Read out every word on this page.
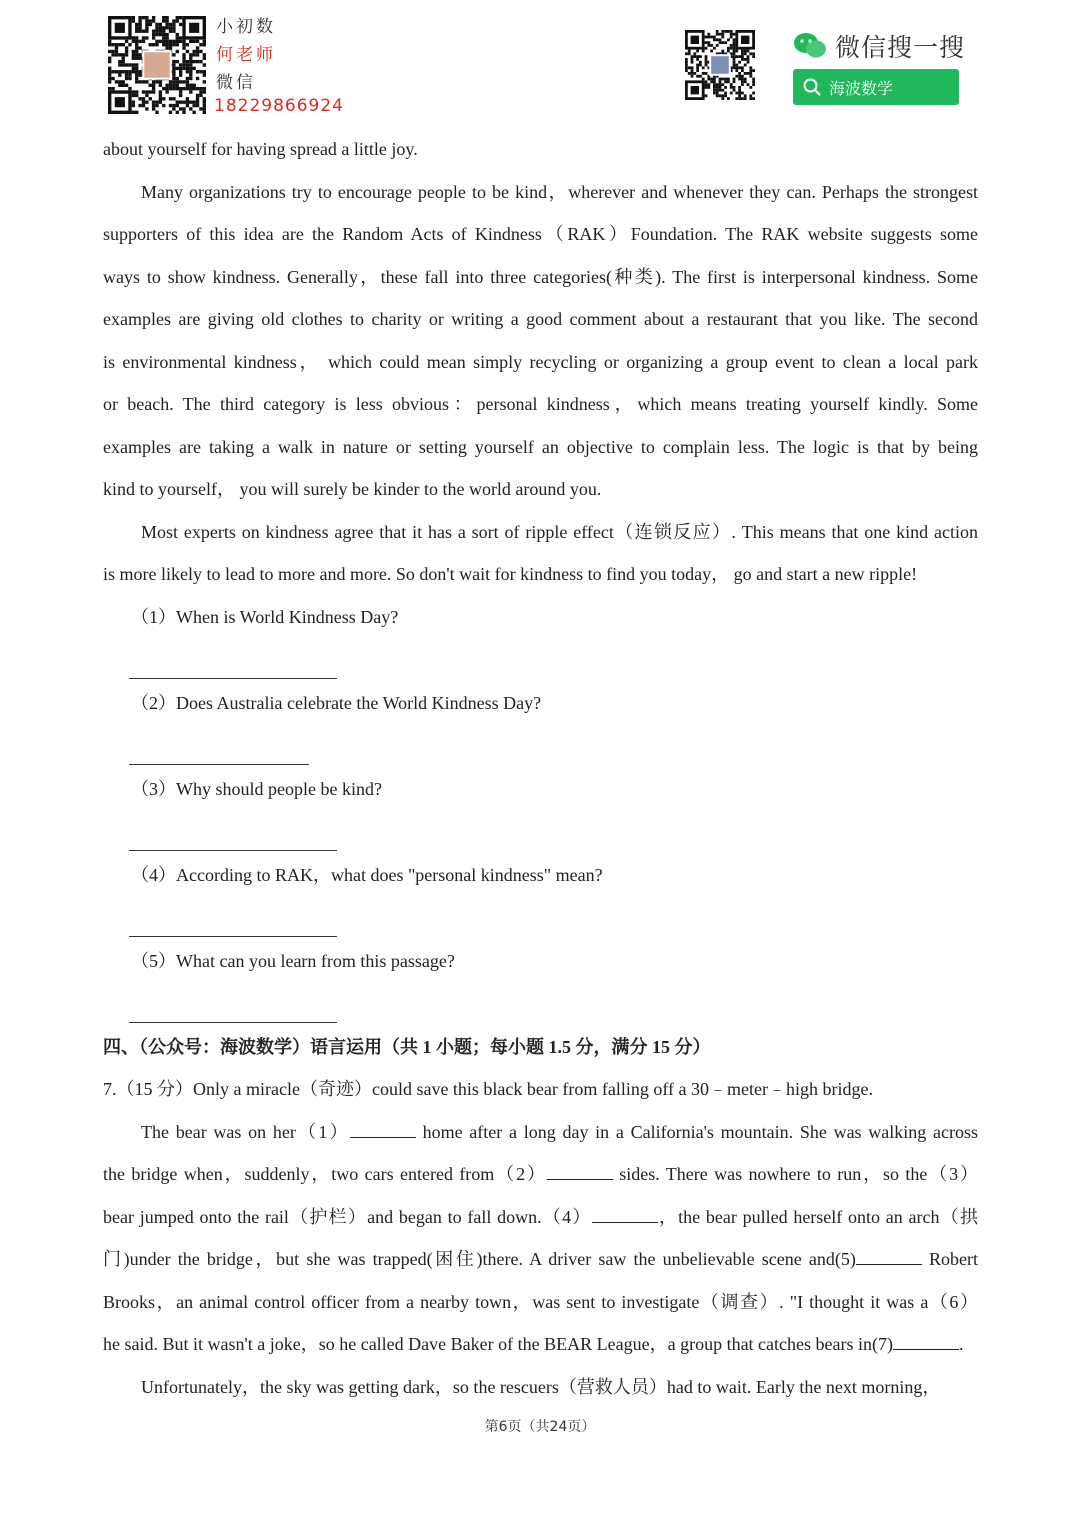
小初数
何老师
微信
18229866924
微信搜一搜
海波数学
about yourself for having spread a little joy.
Many organizations try to encourage people to be kind，wherever and whenever they can. Perhaps the strongest
supporters of this idea are the Random Acts of Kindness（RAK）Foundation. The RAK website suggests some
ways to show kindness. Generally，these fall into three categories(种类). The first is interpersonal kindness. Some
examples are giving old clothes to charity or writing a good comment about a restaurant that you like. The second
is environmental kindness， which could mean simply recycling or organizing a group event to clean a local park
or beach. The third category is less obvious：personal kindness，which means treating yourself kindly. Some
examples are taking a walk in nature or setting yourself an objective to complain less. The logic is that by being
kind to yourself， you will surely be kinder to the world around you.
Most experts on kindness agree that it has a sort of ripple effect（连锁反应）. This means that one kind action
is more likely to lead to more and more. So don't wait for kindness to find you today， go and start a new ripple!
（1）When is World Kindness Day?
（2）Does Australia celebrate the World Kindness Day?
（3）Why should people be kind?
（4）According to RAK，what does "personal kindness" mean?
（5）What can you learn from this passage?
四、（公众号：海波数学）语言运用（共 1 小题；每小题 1.5 分，满分 15 分）
7.（15 分）Only a miracle（奇迹）could save this black bear from falling off a 30﹣meter﹣high bridge.
The bear was on her（1）	home after a long day in a California's mountain. She was walking across
the bridge when，suddenly，two cars entered from（2）	sides. There was nowhere to run，so the（3）
bear jumped onto the rail（护栏）and began to fall down.（4）	，the bear pulled herself onto an arch（拱
门)under the bridge，but she was trapped(困住)there. A driver saw the unbelievable scene and(5)	Robert
Brooks，an animal control officer from a nearby town，was sent to investigate（调查）. "I thought it was a（6）
he said. But it wasn't a joke，so he called Dave Baker of the BEAR League，a group that catches bears in(7)	.
Unfortunately，the sky was getting dark，so the rescuers（营救人员）had to wait. Early the next morning，
第6页（共24页）
